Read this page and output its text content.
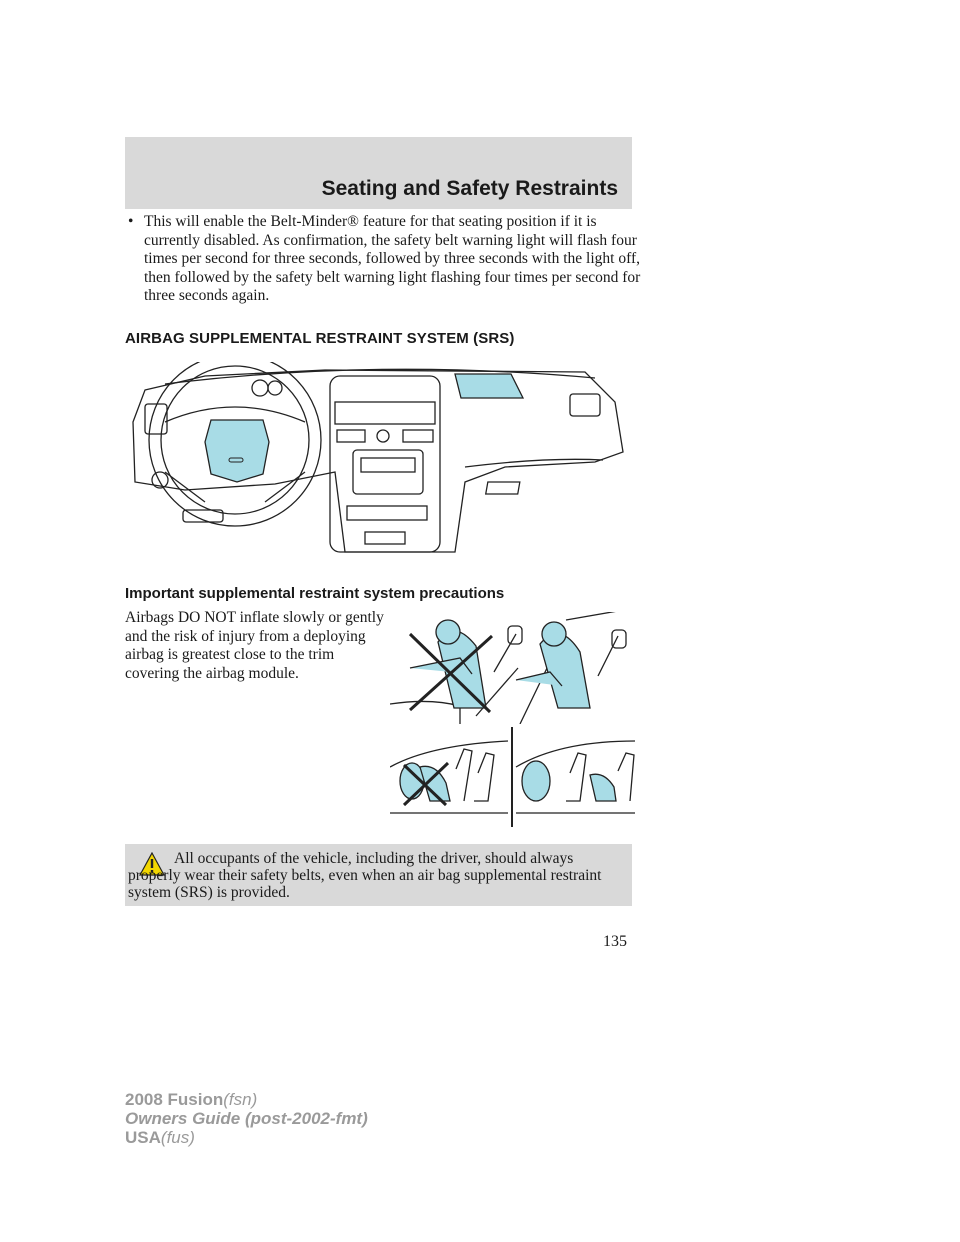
Seating and Safety Restraints
• This will enable the Belt-Minder® feature for that seating position if it is currently disabled. As confirmation, the safety belt warning light will flash four times per second for three seconds, followed by three seconds with the light off, then followed by the safety belt warning light flashing four times per second for three seconds again.
AIRBAG SUPPLEMENTAL RESTRAINT SYSTEM (SRS)
Important supplemental restraint system precautions
Airbags DO NOT inflate slowly or gently and the risk of injury from a deploying airbag is greatest close to the trim covering the airbag module.
All occupants of the vehicle, including the driver, should always properly wear their safety belts, even when an air bag supplemental restraint system (SRS) is provided.
135
2008 Fusion(fsn)
Owners Guide (post-2002-fmt)
USA(fus)
